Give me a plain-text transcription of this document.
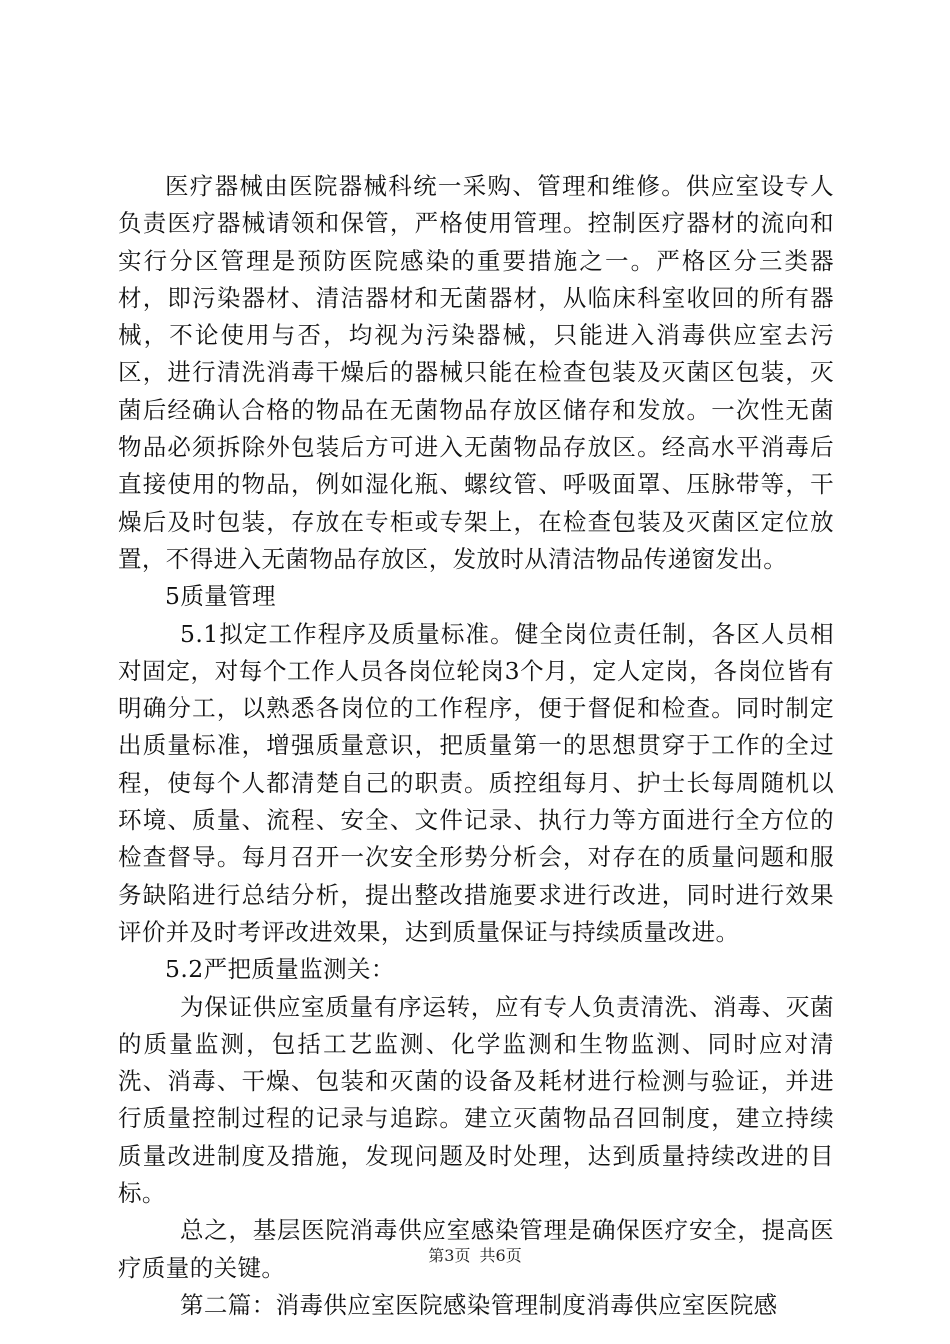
医疗器械由医院器械科统一采购、管理和维修。供应室设专人负责医疗器械请领和保管，严格使用管理。控制医疗器材的流向和实行分区管理是预防医院感染的重要措施之一。严格区分三类器材，即污染器材、清洁器材和无菌器材，从临床科室收回的所有器械，不论使用与否，均视为污染器械，只能进入消毒供应室去污区，进行清洗消毒干燥后的器械只能在检查包装及灭菌区包装，灭菌后经确认合格的物品在无菌物品存放区储存和发放。一次性无菌物品必须拆除外包装后方可进入无菌物品存放区。经高水平消毒后直接使用的物品，例如湿化瓶、螺纹管、呼吸面罩、压脉带等，干燥后及时包装，存放在专柜或专架上，在检查包装及灭菌区定位放置，不得进入无菌物品存放区，发放时从清洁物品传递窗发出。

5质量管理

5.1拟定工作程序及质量标准。健全岗位责任制，各区人员相对固定，对每个工作人员各岗位轮岗3个月，定人定岗，各岗位皆有明确分工，以熟悉各岗位的工作程序，便于督促和检查。同时制定出质量标准，增强质量意识，把质量第一的思想贯穿于工作的全过程，使每个人都清楚自己的职责。质控组每月、护士长每周随机以环境、质量、流程、安全、文件记录、执行力等方面进行全方位的检查督导。每月召开一次安全形势分析会，对存在的质量问题和服务缺陷进行总结分析，提出整改措施要求进行改进，同时进行效果评价并及时考评改进效果，达到质量保证与持续质量改进。

5.2严把质量监测关：

为保证供应室质量有序运转，应有专人负责清洗、消毒、灭菌的质量监测，包括工艺监测、化学监测和生物监测、同时应对清洗、消毒、干燥、包装和灭菌的设备及耗材进行检测与验证，并进行质量控制过程的记录与追踪。建立灭菌物品召回制度，建立持续质量改进制度及措施，发现问题及时处理，达到质量持续改进的目标。

总之，基层医院消毒供应室感染管理是确保医疗安全，提高医疗质量的关键。

第二篇：消毒供应室医院感染管理制度消毒供应室医院感

第3页 共6页
